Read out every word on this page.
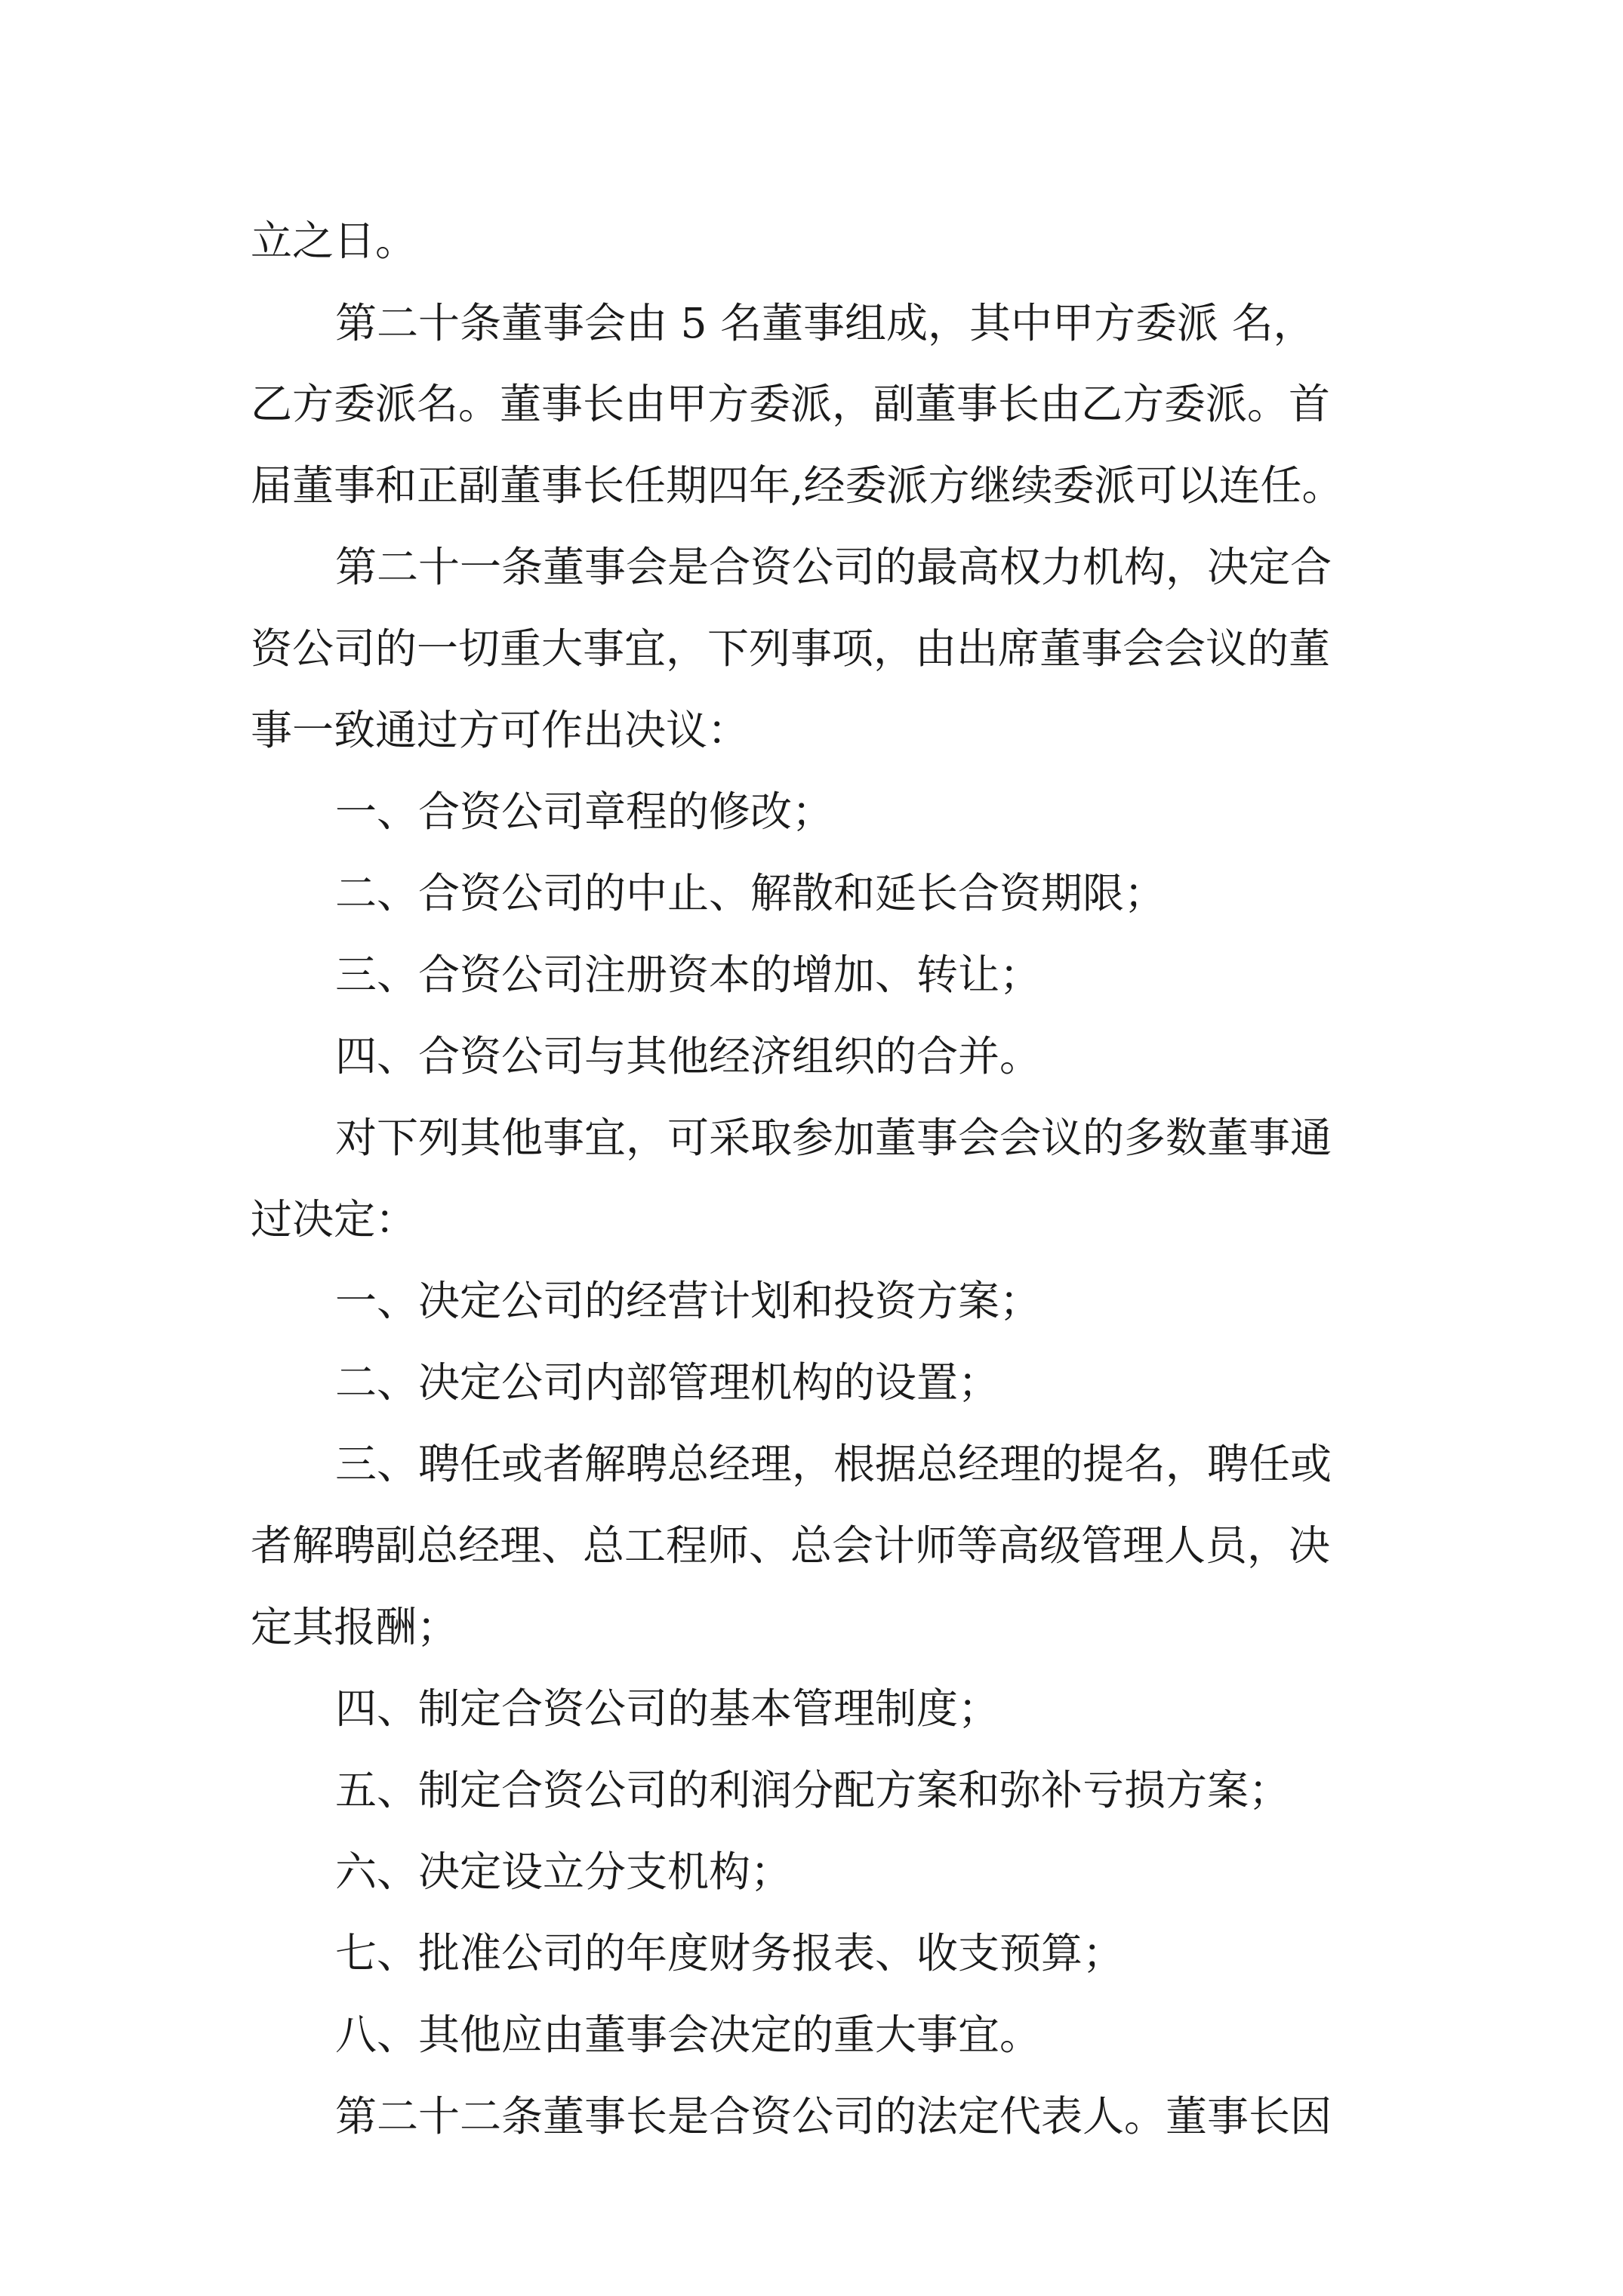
立之日。

第二十条董事会由 5 名董事组成，其中甲方委派 名，

乙方委派名。董事长由甲方委派，副董事长由乙方委派。首

届董事和正副董事长任期四年,经委派方继续委派可以连任。

第二十一条董事会是合资公司的最高权力机构，决定合

资公司的一切重大事宜，下列事项，由出席董事会会议的董

事一致通过方可作出决议：

一、合资公司章程的修改；

二、合资公司的中止、解散和延长合资期限；

三、合资公司注册资本的增加、转让；

四、合资公司与其他经济组织的合并。

对下列其他事宜，可采取参加董事会会议的多数董事通

过决定：

一、决定公司的经营计划和投资方案；

二、决定公司内部管理机构的设置；

三、聘任或者解聘总经理，根据总经理的提名，聘任或

者解聘副总经理、总工程师、总会计师等高级管理人员，决

定其报酬；

四、制定合资公司的基本管理制度；

五、制定合资公司的利润分配方案和弥补亏损方案；

六、决定设立分支机构；

七、批准公司的年度财务报表、收支预算；

八、其他应由董事会决定的重大事宜。

第二十二条董事长是合资公司的法定代表人。董事长因
